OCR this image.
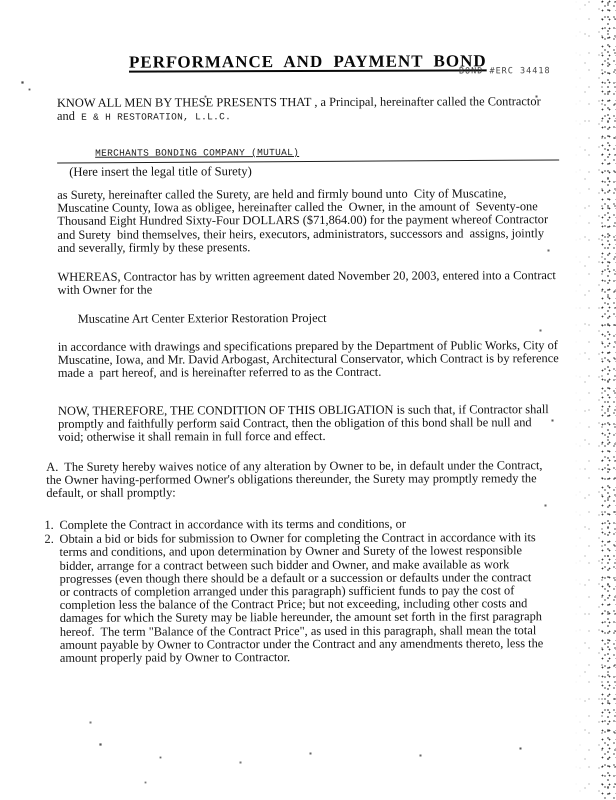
PERFORMANCE AND PAYMENT BOND
BOND #ERC 34418
KNOW ALL MEN BY THESE PRESENTS THAT , a Principal, hereinafter called the Contractor and  E & H RESTORATION, L.L.C.
MERCHANTS BONDING COMPANY (MUTUAL)
(Here insert the legal title of Surety)
as Surety, hereinafter called the Surety, are held and firmly bound unto  City of Muscatine, Muscatine County, Iowa as obligee, hereinafter called the  Owner, in the amount of  Seventy-one Thousand Eight Hundred Sixty-Four DOLLARS ($71,864.00) for the payment whereof Contractor and Surety  bind themselves, their heirs, executors, administrators, successors and  assigns, jointly and severally, firmly by these presents.
WHEREAS, Contractor has by written agreement dated November 20, 2003, entered into a Contract with Owner for the
Muscatine Art Center Exterior Restoration Project
in accordance with drawings and specifications prepared by the Department of Public Works, City of Muscatine, Iowa, and Mr. David Arbogast, Architectural Conservator, which Contract is by reference made a  part hereof, and is hereinafter referred to as the Contract.
NOW, THEREFORE, THE CONDITION OF THIS OBLIGATION is such that, if Contractor shall promptly and faithfully perform said Contract, then the obligation of this bond shall be null and void; otherwise it shall remain in full force and effect.
A.  The Surety hereby waives notice of any alteration by Owner to be, in default under the Contract, the Owner having-performed Owner's obligations thereunder, the Surety may promptly remedy the default, or shall promptly:
1. Complete the Contract in accordance with its terms and conditions, or
2. Obtain a bid or bids for submission to Owner for completing the Contract in accordance with its terms and conditions, and upon determination by Owner and Surety of the lowest responsible bidder, arrange for a contract between such bidder and Owner, and make available as work progresses (even though there should be a default or a succession or defaults under the contract or contracts of completion arranged under this paragraph) sufficient funds to pay the cost of completion less the balance of the Contract Price; but not exceeding, including other costs and damages for which the Surety may be liable hereunder, the amount set forth in the first paragraph hereof.  The term "Balance of the Contract Price", as used in this paragraph, shall mean the total amount payable by Owner to Contractor under the Contract and any amendments thereto, less the amount properly paid by Owner to Contractor.
